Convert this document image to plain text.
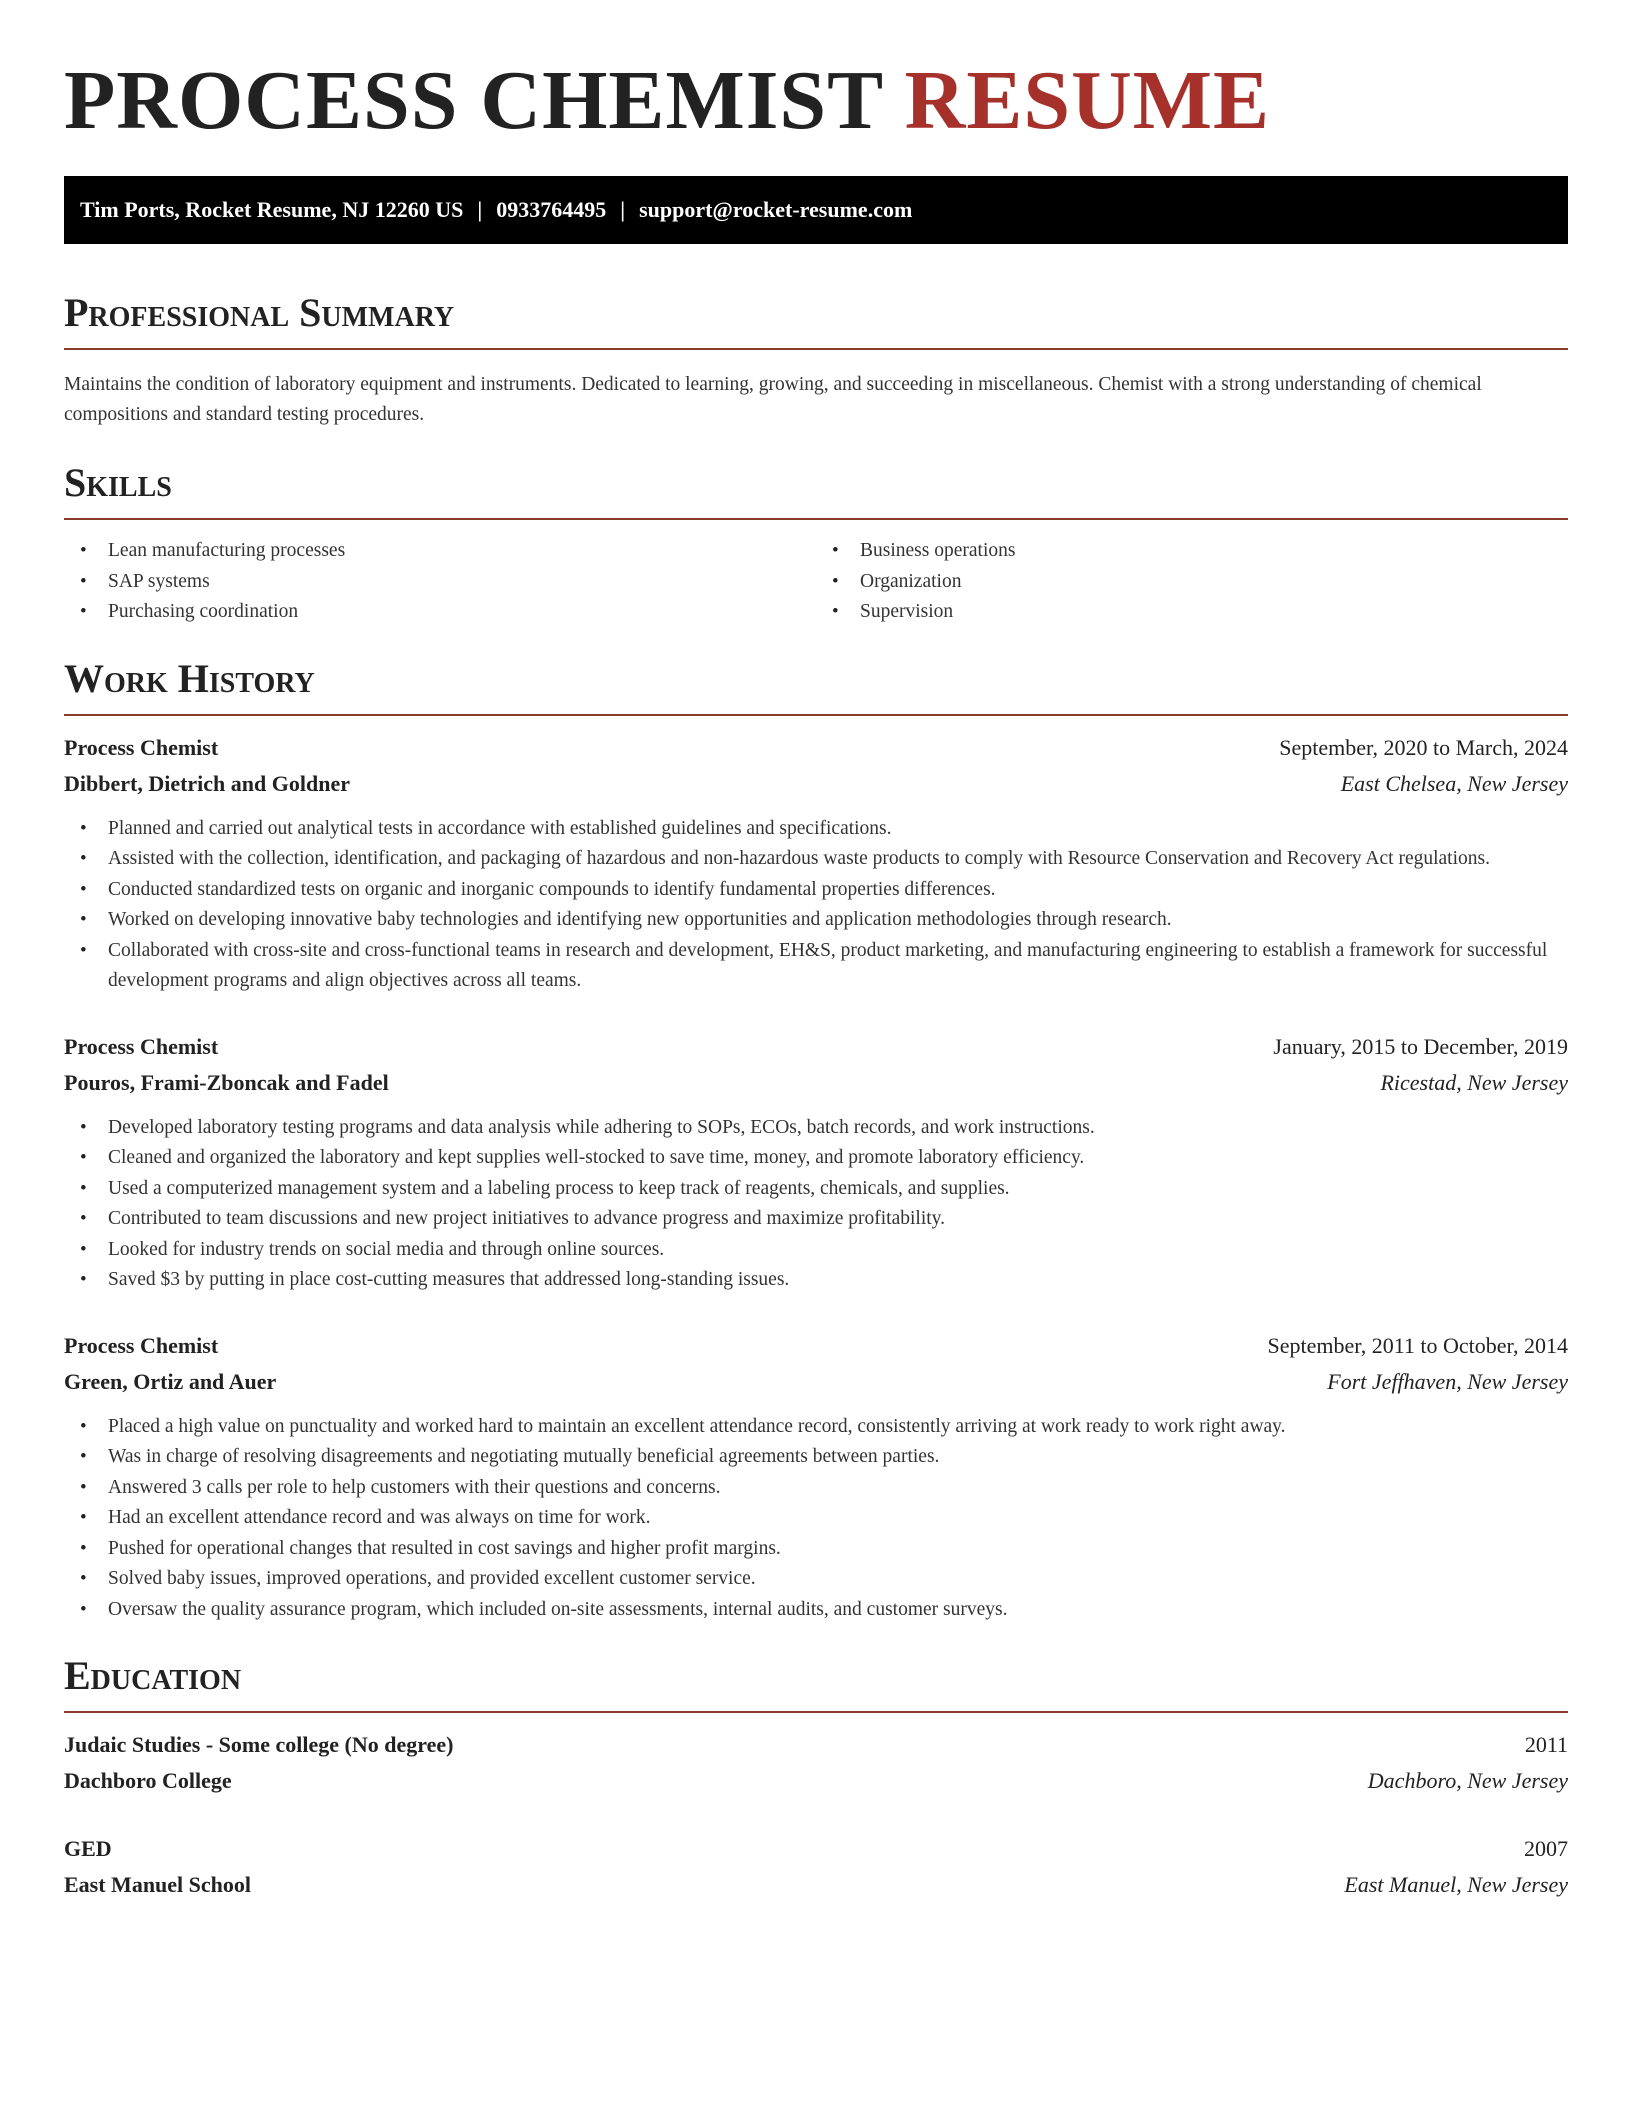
PROCESS CHEMIST RESUME
Tim Ports, Rocket Resume, NJ 12260 US | 0933764495 | support@rocket-resume.com
Professional Summary

Maintains the condition of laboratory equipment and instruments. Dedicated to learning, growing, and succeeding in miscellaneous. Chemist with a strong understanding of chemical compositions and standard testing procedures.

Skills
• Lean manufacturing processes
• SAP systems
• Purchasing coordination
• Business operations
• Organization
• Supervision
Work History
Process Chemist	September, 2020 to March, 2024
Dibbert, Dietrich and Goldner	East Chelsea, New Jersey
• Planned and carried out analytical tests in accordance with established guidelines and specifications.
• Assisted with the collection, identification, and packaging of hazardous and non-hazardous waste products to comply with Resource Conservation and Recovery Act regulations.
• Conducted standardized tests on organic and inorganic compounds to identify fundamental properties differences.
• Worked on developing innovative baby technologies and identifying new opportunities and application methodologies through research.
• Collaborated with cross-site and cross-functional teams in research and development, EH&S, product marketing, and manufacturing engineering to establish a framework for successful development programs and align objectives across all teams.
Process Chemist	January, 2015 to December, 2019
Pouros, Frami-Zboncak and Fadel	Ricestad, New Jersey
• Developed laboratory testing programs and data analysis while adhering to SOPs, ECOs, batch records, and work instructions.
• Cleaned and organized the laboratory and kept supplies well-stocked to save time, money, and promote laboratory efficiency.
• Used a computerized management system and a labeling process to keep track of reagents, chemicals, and supplies.
• Contributed to team discussions and new project initiatives to advance progress and maximize profitability.
• Looked for industry trends on social media and through online sources.
• Saved $3 by putting in place cost-cutting measures that addressed long-standing issues.
Process Chemist	September, 2011 to October, 2014
Green, Ortiz and Auer	Fort Jeffhaven, New Jersey
• Placed a high value on punctuality and worked hard to maintain an excellent attendance record, consistently arriving at work ready to work right away.
• Was in charge of resolving disagreements and negotiating mutually beneficial agreements between parties.
• Answered 3 calls per role to help customers with their questions and concerns.
• Had an excellent attendance record and was always on time for work.
• Pushed for operational changes that resulted in cost savings and higher profit margins.
• Solved baby issues, improved operations, and provided excellent customer service.
• Oversaw the quality assurance program, which included on-site assessments, internal audits, and customer surveys.
Education
Judaic Studies - Some college (No degree)	2011
Dachboro College	Dachboro, New Jersey
GED	2007
East Manuel School	East Manuel, New Jersey
